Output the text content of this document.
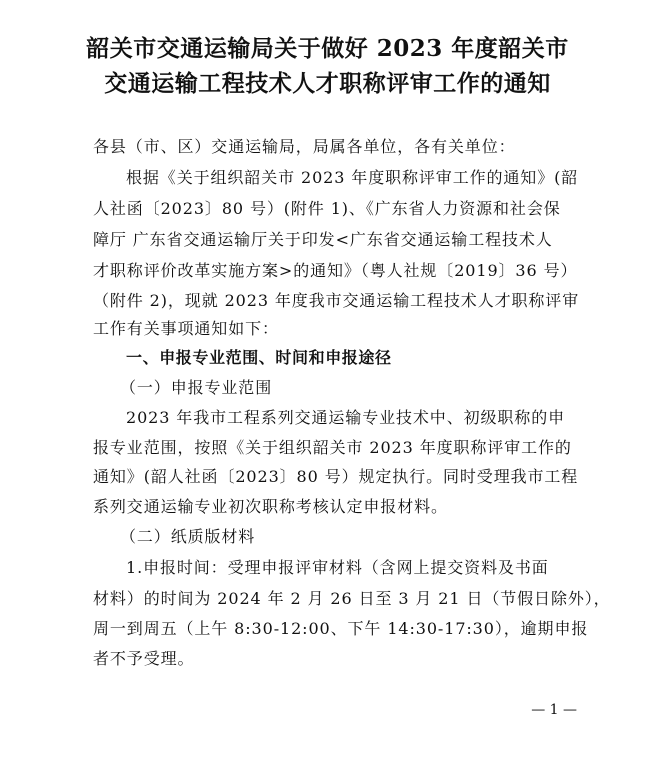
韶关市交通运输局关于做好 2023 年度韶关市
交通运输工程技术人才职称评审工作的通知
各县（市、区）交通运输局，局属各单位，各有关单位：
根据《关于组织韶关市 2023 年度职称评审工作的通知》(韶
人社函〔2023〕80 号）(附件 1)、《广东省人力资源和社会保
障厅 广东省交通运输厅关于印发<广东省交通运输工程技术人
才职称评价改革实施方案>的通知》（粤人社规〔2019〕36 号）
（附件 2)，现就 2023 年度我市交通运输工程技术人才职称评审
工作有关事项通知如下：
一、申报专业范围、时间和申报途径
（一）申报专业范围
2023 年我市工程系列交通运输专业技术中、初级职称的申
报专业范围，按照《关于组织韶关市 2023 年度职称评审工作的
通知》(韶人社函〔2023〕80 号）规定执行。同时受理我市工程
系列交通运输专业初次职称考核认定申报材料。
（二）纸质版材料
1.申报时间：受理申报评审材料（含网上提交资料及书面
材料）的时间为 2024 年 2 月 26 日至 3 月 21 日（节假日除外），
周一到周五（上午 8:30-12:00、下午 14:30-17:30），逾期申报
者不予受理。
— 1 —
